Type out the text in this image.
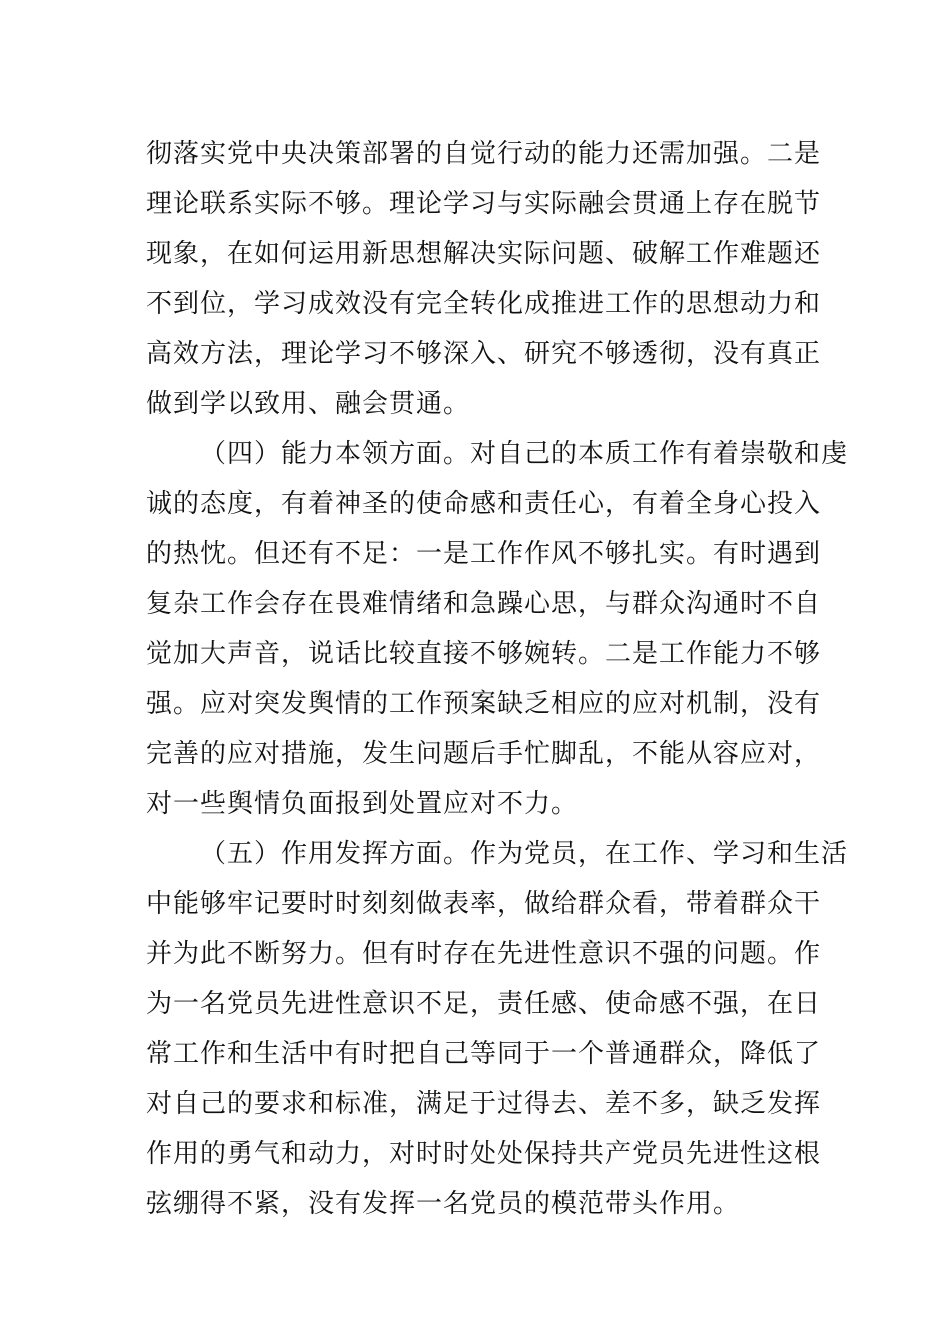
彻落实党中央决策部署的自觉行动的能力还需加强。二是
理论联系实际不够。理论学习与实际融会贯通上存在脱节
现象，在如何运用新思想解决实际问题、破解工作难题还
不到位，学习成效没有完全转化成推进工作的思想动力和
高效方法，理论学习不够深入、研究不够透彻，没有真正
做到学以致用、融会贯通。
（四）能力本领方面。对自己的本质工作有着崇敬和虔
诚的态度，有着神圣的使命感和责任心，有着全身心投入
的热忱。但还有不足：一是工作作风不够扎实。有时遇到
复杂工作会存在畏难情绪和急躁心思，与群众沟通时不自
觉加大声音，说话比较直接不够婉转。二是工作能力不够
强。应对突发舆情的工作预案缺乏相应的应对机制，没有
完善的应对措施，发生问题后手忙脚乱，不能从容应对，
对一些舆情负面报到处置应对不力。
（五）作用发挥方面。作为党员，在工作、学习和生活
中能够牢记要时时刻刻做表率，做给群众看，带着群众干
并为此不断努力。但有时存在先进性意识不强的问题。作
为一名党员先进性意识不足，责任感、使命感不强，在日
常工作和生活中有时把自己等同于一个普通群众，降低了
对自己的要求和标准，满足于过得去、差不多，缺乏发挥
作用的勇气和动力，对时时处处保持共产党员先进性这根
弦绷得不紧，没有发挥一名党员的模范带头作用。
